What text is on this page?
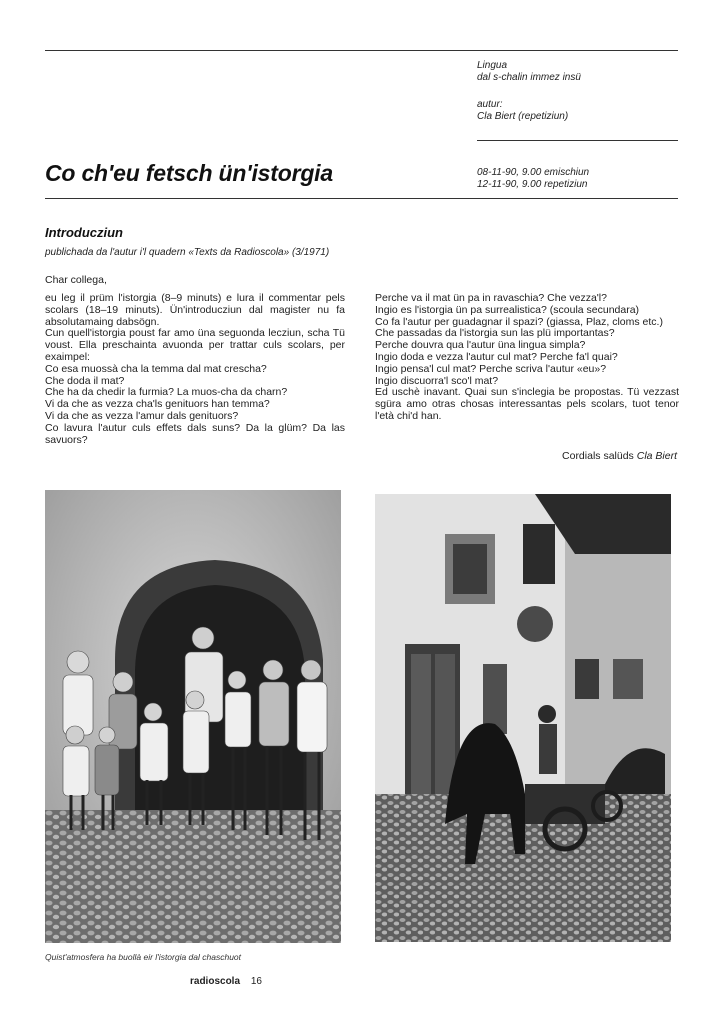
Lingua
dal s-chalin immez insü
autur:
Cla Biert (repetiziun)
Co ch'eu fetsch ün'istorgia	08-11-90, 9.00 emischiun
12-11-90, 9.00 repetiziun
Introducziun
publichada da l'autur i'l quadern «Texts da Radioscola» (3/1971)
Char collega,

eu leg il prüm l'istorgia (8–9 minuts) e lura il commentar pels scolars (18–19 minuts). Ün'introducziun dal magister nu fa absolutamaing dabsögn.

Cun quell'istorgia poust far amo üna seguonda lecziun, scha Tü voust. Ella preschainta avuonda per trattar culs scolars, per exaimpel:

Co esa muossà cha la temma dal mat crescha?
Che doda il mat?
Che ha da chedir la furmia? La muos-cha da charn?
Vi da che as vezza cha'ls genituors han temma?
Vi da che as vezza l'amur dals genituors?

Co lavura l'autur culs effets dals suns? Da la glüm? Da las savuors?

Perche va il mat ün pa in ravaschia? Che vezza'l?
Ingio es l'istorgia ün pa surrealistica? (scoula secundara)

Co fa l'autur per guadagnar il spazi? (giassa, Plaz, cloms etc.)

Che passadas da l'istorgia sun las plü importantas?
Perche douvra qua l'autur üna lingua simpla?
Ingio doda e vezza l'autur cul mat? Perche fa'l quai?
Ingio pensa'l cul mat? Perche scriva l'autur «eu»?
Ingio discuorra'l sco'l mat?

Ed uschè inavant. Quai sun s'inclegia be propostas. Tü vezzast sgüra amo otras chosas interessantas pels scolars, tuot tenor l'età chi'd han.

Cordials salüds Cla Biert
Quist'atmosfera ha buollà eir l'istorgia dal chaschuot
radioscola 16
